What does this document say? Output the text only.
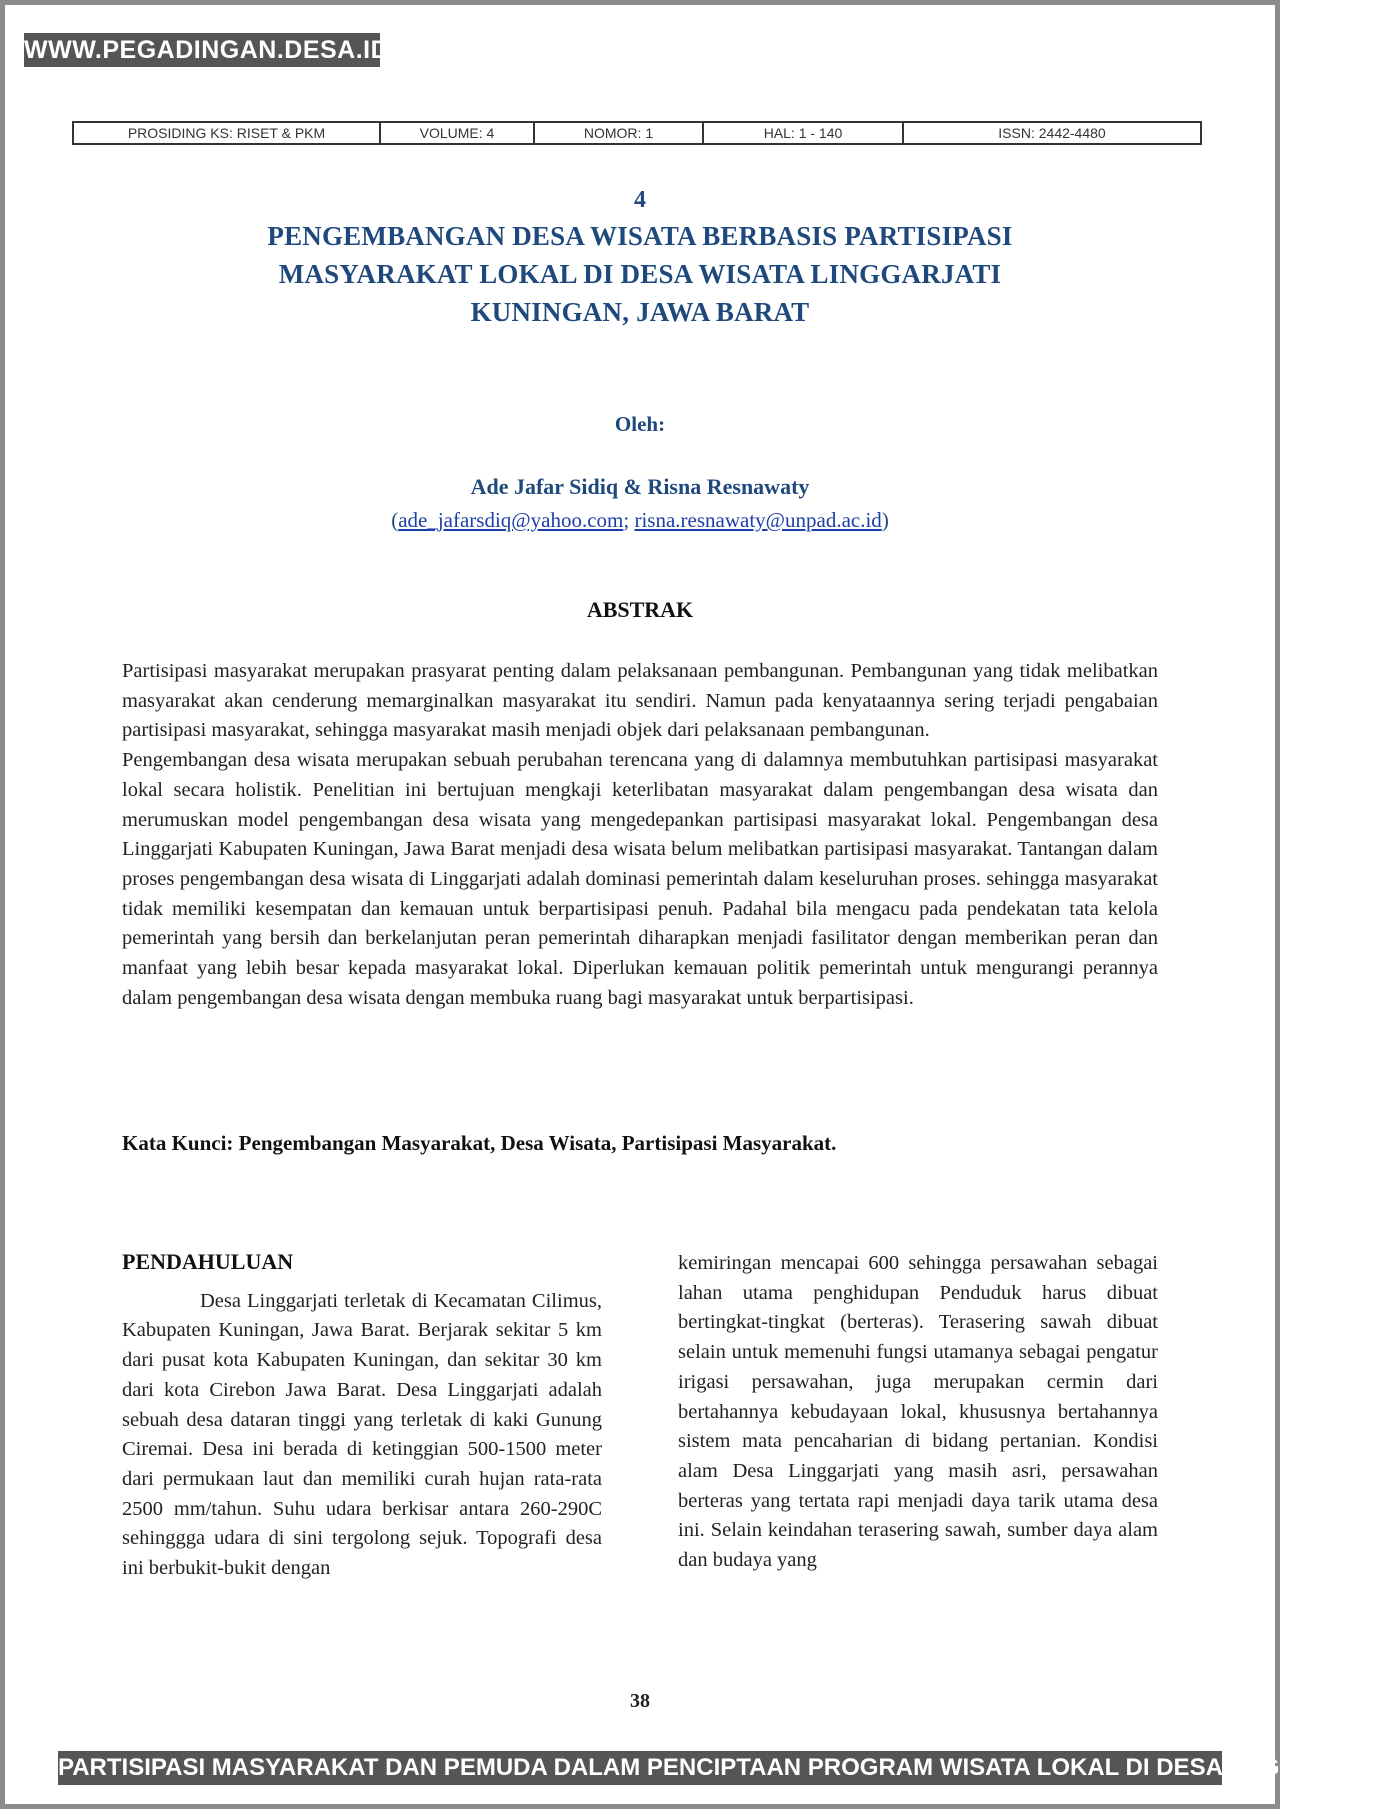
WWW.PEGADINGAN.DESA.ID
PROSIDING KS: RISET & PKM	VOLUME: 4	NOMOR: 1	HAL: 1 - 140	ISSN: 2442-4480
4
PENGEMBANGAN DESA WISATA BERBASIS PARTISIPASI
MASYARAKAT LOKAL DI DESA WISATA LINGGARJATI
KUNINGAN, JAWA BARAT
Oleh:
Ade Jafar Sidiq & Risna Resnawaty
(ade_jafarsdiq@yahoo.com; risna.resnawaty@unpad.ac.id)
ABSTRAK

Partisipasi masyarakat merupakan prasyarat penting dalam pelaksanaan pembangunan. Pembangunan yang tidak melibatkan masyarakat akan cenderung memarginalkan masyarakat itu sendiri. Namun pada kenyataannya sering terjadi pengabaian partisipasi masyarakat, sehingga masyarakat masih menjadi objek dari pelaksanaan pembangunan.

Pengembangan desa wisata merupakan sebuah perubahan terencana yang di dalamnya membutuhkan partisipasi masyarakat lokal secara holistik. Penelitian ini bertujuan mengkaji keterlibatan masyarakat dalam pengembangan desa wisata dan merumuskan model pengembangan desa wisata yang mengedepankan partisipasi masyarakat lokal. Pengembangan desa Linggarjati Kabupaten Kuningan, Jawa Barat menjadi desa wisata belum melibatkan partisipasi masyarakat. Tantangan dalam proses pengembangan desa wisata di Linggarjati adalah dominasi pemerintah dalam keseluruhan proses. sehingga masyarakat tidak memiliki kesempatan dan kemauan untuk berpartisipasi penuh. Padahal bila mengacu pada pendekatan tata kelola pemerintah yang bersih dan berkelanjutan peran pemerintah diharapkan menjadi fasilitator dengan memberikan peran dan manfaat yang lebih besar kepada masyarakat lokal. Diperlukan kemauan politik pemerintah untuk mengurangi perannya dalam pengembangan desa wisata dengan membuka ruang bagi masyarakat untuk berpartisipasi.

Kata Kunci: Pengembangan Masyarakat, Desa Wisata, Partisipasi Masyarakat.
PENDAHULUAN

Desa Linggarjati terletak di Kecamatan Cilimus, Kabupaten Kuningan, Jawa Barat. Berjarak sekitar 5 km dari pusat kota Kabupaten Kuningan, dan sekitar 30 km dari kota Cirebon Jawa Barat. Desa Linggarjati adalah sebuah desa dataran tinggi yang terletak di kaki Gunung Ciremai. Desa ini berada di ketinggian 500-1500 meter dari permukaan laut dan memiliki curah hujan rata-rata 2500 mm/tahun. Suhu udara berkisar antara 260-290C sehinggga udara di sini tergolong sejuk. Topografi desa ini berbukit-bukit dengan

kemiringan mencapai 600 sehingga persawahan sebagai lahan utama penghidupan Penduduk harus dibuat bertingkat-tingkat (berteras). Terasering sawah dibuat selain untuk memenuhi fungsi utamanya sebagai pengatur irigasi persawahan, juga merupakan cermin dari bertahannya kebudayaan lokal, khususnya bertahannya sistem mata pencaharian di bidang pertanian. Kondisi alam Desa Linggarjati yang masih asri, persawahan berteras yang tertata rapi menjadi daya tarik utama desa ini. Selain keindahan terasering sawah, sumber daya alam dan budaya yang

38
PARTISIPASI MASYARAKAT DAN PEMUDA DALAM PENCIPTAAN PROGRAM WISATA LOKAL DI DESA PEGADINGAN
